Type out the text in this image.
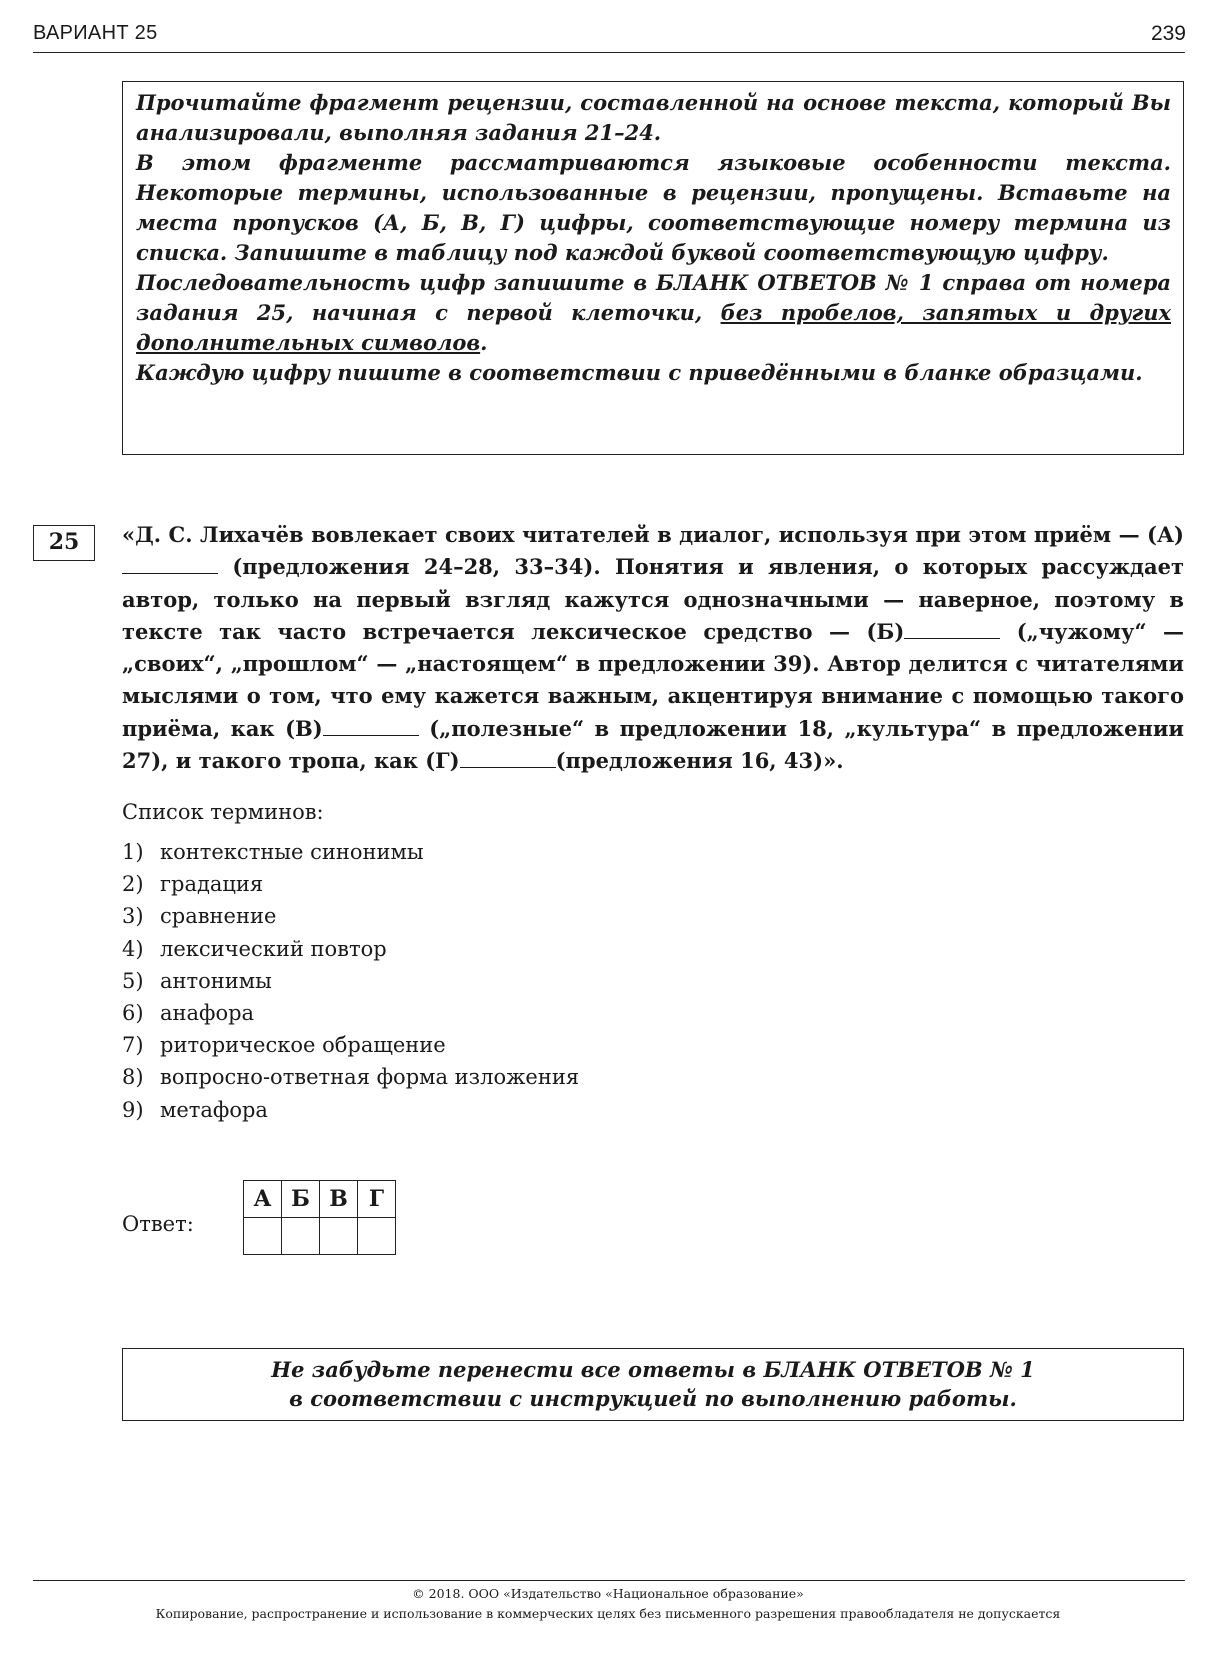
ВАРИАНТ 25	239

Прочитайте фрагмент рецензии, составленной на основе текста, который Вы анализировали, выполняя задания 21–24.

В этом фрагменте рассматриваются языковые особенности текста. Некоторые термины, использованные в рецензии, пропущены. Вставьте на места пропусков (А, Б, В, Г) цифры, соответствующие номеру термина из списка. Запишите в таблицу под каждой буквой соответствующую цифру.

Последовательность цифр запишите в БЛАНК ОТВЕТОВ № 1 справа от номера задания 25, начиная с первой клеточки, без пробелов, запятых и других дополнительных символов.

Каждую цифру пишите в соответствии с приведёнными в бланке образцами.

25	«Д. С. Лихачёв вовлекает своих читателей в диалог, используя при этом приём — (А) (предложения 24–28, 33–34). Понятия и явления, о которых рассуждает автор, только на первый взгляд кажутся однозначными — наверное, поэтому в тексте так часто встречается лексическое средство — (Б)	(„чужому“ — „своих“, „прошлом“ — „настоящем“ в предложении 39). Автор делится с читателями мыслями о том, что ему кажется важным, акцентируя внимание с помощью такого приёма, как (В)	(„полезные“ в предложении 18, „культура“ в предложении 27), и такого тропа, как (Г)	(предложения 16, 43)».

Список терминов:

1) контекстные синонимы
2) градация
3) сравнение
4) лексический повтор
5) антонимы
6) анафора
7) риторическое обращение
8) вопросно-ответная форма изложения
9) метафора
Ответ:
А	Б	В	Г

Не забудьте перенести все ответы в БЛАНК ОТВЕТОВ № 1

в соответствии с инструкцией по выполнению работы.

© 2018. ООО «Издательство «Национальное образование»

Копирование, распространение и использование в коммерческих целях без письменного разрешения правообладателя не допускается
